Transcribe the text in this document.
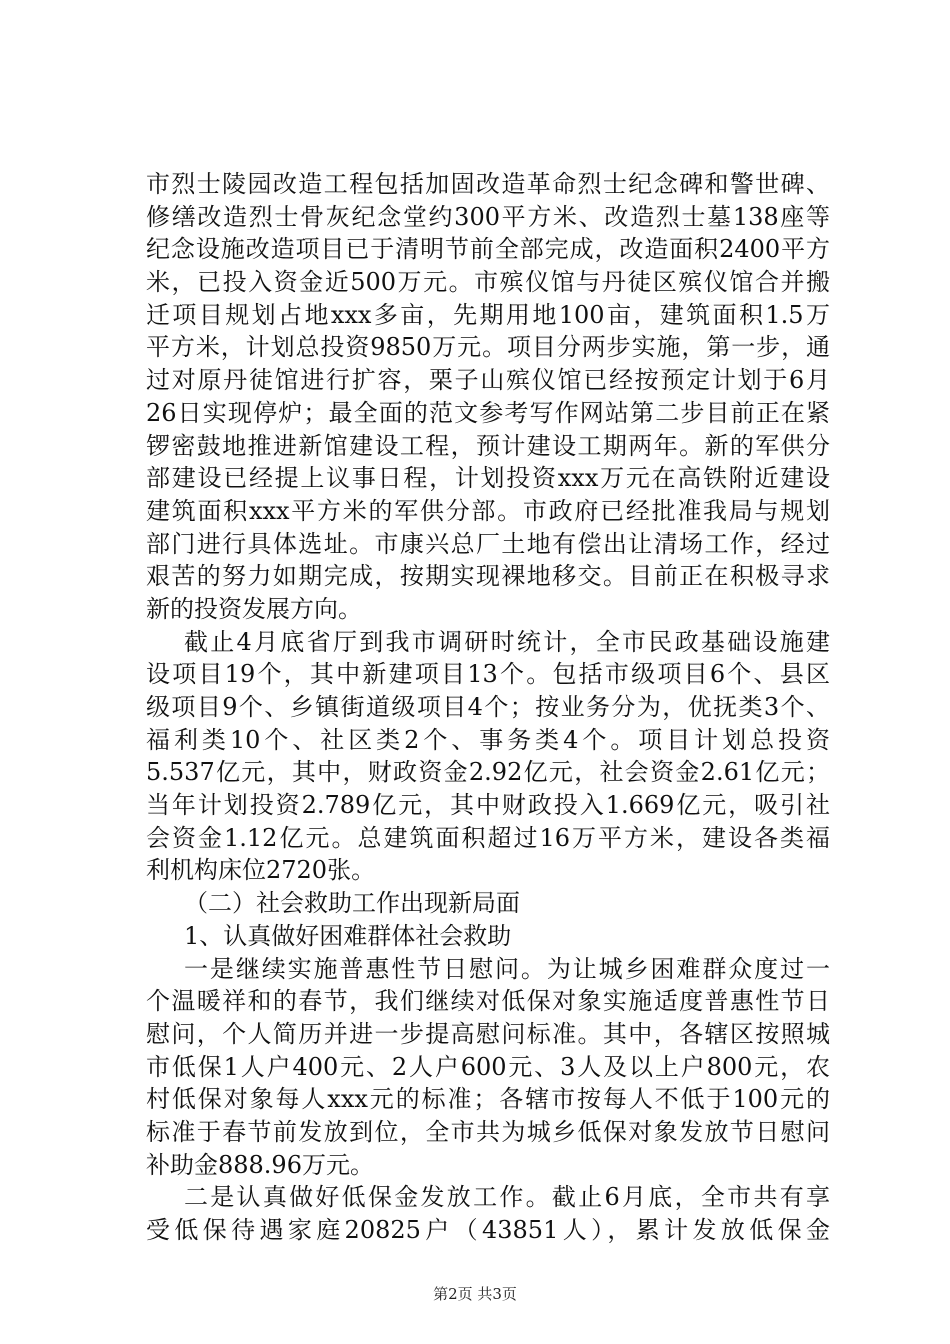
市烈士陵园改造工程包括加固改造革命烈士纪念碑和警世碑、
修缮改造烈士骨灰纪念堂约300平方米、改造烈士墓138座等
纪念设施改造项目已于清明节前全部完成，改造面积2400平方
米，已投入资金近500万元。市殡仪馆与丹徒区殡仪馆合并搬
迁项目规划占地xxx多亩，先期用地100亩，建筑面积1.5万
平方米，计划总投资9850万元。项目分两步实施，第一步，通
过对原丹徒馆进行扩容，栗子山殡仪馆已经按预定计划于6月
26日实现停炉；最全面的范文参考写作网站第二步目前正在紧
锣密鼓地推进新馆建设工程，预计建设工期两年。新的军供分
部建设已经提上议事日程，计划投资xxx万元在高铁附近建设
建筑面积xxx平方米的军供分部。市政府已经批准我局与规划
部门进行具体选址。市康兴总厂土地有偿出让清场工作，经过
艰苦的努力如期完成，按期实现裸地移交。目前正在积极寻求
新的投资发展方向。
截止4月底省厅到我市调研时统计，全市民政基础设施建
设项目19个，其中新建项目13个。包括市级项目6个、县区
级项目9个、乡镇街道级项目4个；按业务分为，优抚类3个、
福利类10个、社区类2个、事务类4个。项目计划总投资
5.537亿元，其中，财政资金2.92亿元，社会资金2.61亿元；
当年计划投资2.789亿元，其中财政投入1.669亿元，吸引社
会资金1.12亿元。总建筑面积超过16万平方米，建设各类福
利机构床位2720张。
（二）社会救助工作出现新局面
1、认真做好困难群体社会救助
一是继续实施普惠性节日慰问。为让城乡困难群众度过一
个温暖祥和的春节，我们继续对低保对象实施适度普惠性节日
慰问，个人简历并进一步提高慰问标准。其中，各辖区按照城
市低保1人户400元、2人户600元、3人及以上户800元，农
村低保对象每人xxx元的标准；各辖市按每人不低于100元的
标准于春节前发放到位，全市共为城乡低保对象发放节日慰问
补助金888.96万元。
二是认真做好低保金发放工作。截止6月底，全市共有享
受低保待遇家庭20825户（43851人），累计发放低保金
第2页 共3页
